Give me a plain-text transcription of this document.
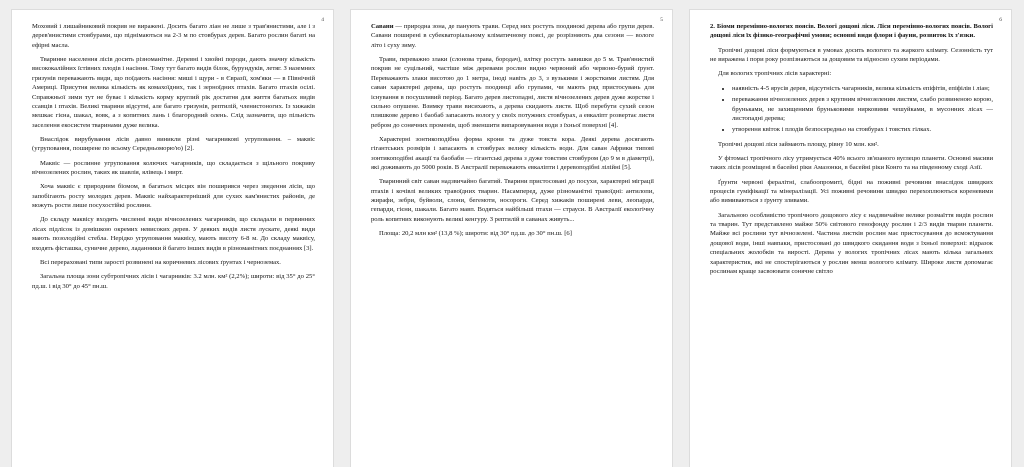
4

Моховий і лишайниковий покрив не виражені. Досить багато ліан не лише з трав'янистими, але і з дерев'янистими стовбурами, що піднімаються на 2-3 м по стовбурах дерев. Багато рослин багаті на ефірні масла.

Тваринне населення лісів досить різноманітне. Деревні і хвойні породи, дають значну кількість висококалійних їстівних плодів і насіння. Тому тут багато видів білок, бурундуків, летяг. З наземних гризунів переважають види, що поїдають насіння: миші і щури - в Євразії, хом'яки — в Північній Америці. Присутня велика кількість як комахоїдних, так і зерноїдних птахів. Багато птахів осілі. Справжньої зими тут не буває і кількість корму круглий рік достатня для життя багатьох видів ссавців і птахів. Великі тварини відсутні, але багато гризунів, рептилій, членистоногих. Із хижаків мешкає гієна, шакал, вовк, а з копитних лань і благородний олень. Слід зазначити, що пільність заселення екосистем тваринами дуже велика.

Внаслідок вирубування лісів давно виникли різні чагарникові угруповання. – маквіс (угруповання, поширене по всьому Середньоморю'ю) [2].

Маквіс — рослинне угруповання колючих чагарників, що складається з щільного покриву вічнозелених рослин, таких як шавлія, ялівець і мирт.

Хоча маквіс є природним біомом, в багатьох місцях він поширився через зведення лісів, що запобігають росту молодих дерев. Маквіс найхарактерніший для сухих кам'янистих районів, де можуть рости лише посухостійкі рослини.

До складу маквісу входять численні види вічнозелених чагарників, що складали в первинних лісах підлісок із домішкою окремих невисоких дерев. У деяких видів листя лускате, деякі види мають позолодійні стебла. Нерідко угруповання маквісу, мають висоту 6-8 м. До складу маквісу, входять фісташка, суничне дерево, ладанники й багато інших видів в різноманітних поєднаннях [3].

Всі перераховані типи зарості розвинені на коричневих лісових ґрунтах і черноземах.

Загальна площа зони субтропічних лісів і чагарників: 3.2 млн. км² (2,2%); широти: від 35° до 25° пд.ш. і від 30° до 45° пн.ш.

5

Савани — природна зона, де панують трави. Серед них ростуть поодинокі дерева або групи дерев. Савани поширені в субекваторіальному кліматичному поясі, де розрізняють два сезони — вологе літо і суху зиму.

Трави, переважно злаки (слонова трава, бородач), влітку ростуть завишки до 5 м. Трав'янистий покрив не суцільний, частіше між деревами рослин видно червоний або червоно-бурий ґрунт. Переважають злаки висотою до 1 метра, іноді навіть до 3, з вузькими і жорсткими листям. Для саван характерні дерева, що ростуть поодинці або групами, чи мають ряд пристосувань для існування в посушливий період. Багато дерев листопадні, листя вічнозелених дерев дуже жорстке і сильно опушене. Взимку трави висихають, а дерева скидають листя. Щоб перебути сухий сезон пляшкове дерево і баобаб запасають вологу у своїх потужних стовбурах, а евкаліпт розвертає листя ребром до сонячних променів, щоб зменшити випаровування води з їхньої поверхні [4].

Характерні зонтикоподібна форма крони та дуже товста кора. Деякі дерева досягають гігантських розмірів і запасають в стовбурах велику кількість води. Для саван Африки типові зонтикоподібні акації та баобаби — гігантські дерева з дуже товстим стовбуром (до 9 м в діаметрі), які доживають до 5000 років. В Австралії переважають евкаліпти і деревоподібні лілійні [5].

Тваринний світ саван надзвичайно багатий. Тварини пристосовані до посухи, характерні міграції птахів і кочівлі великих травоїдних тварин. Насамперед, дуже різноманітні травоїдні: антилопи, жирафи, зебри, буйволи, слони, бегемоти, носороги. Серед хижаків поширені леви, леопарди, гепарди, гієни, шакали. Багато мавп. Водяться найбільші птахи — страуси. В Австралії екологічну роль копитних виконують великі кенгуру. З рептилій в саванах живуть...

Площа: 20,2 млн км² (13,8 %); широти: від 30° пд.ш. до 30° пн.ш. [6]

6

2. Біоми перемінно-вологих поясів. Вологі дощові ліси. Ліси перемінно-вологих поясів. Вологі дощові ліси їх фізико-географічні умови; основні види флори і фауни, розвиток їх з'язки.

Тропічні дощові ліси формуються в умовах досить вологого та жаркого клімату. Сезонність тут не виражена і пори року розпізнаються за дощовим та відносно сухим періодами.

Для вологих тропічних лісів характерні:

• наявність 4-5 ярусів дерев, відсутність чагарників, велика кількість епіфітів, епіфілів і ліан;
• переважання вічнозелених дерев з крупним вічнозеленим листям, слабо розвиненою корою, бруньками, не захищеними бруньковими нирковими чешуйками, в мусонних лісах — листопадні дерева;
• утворення квіток і плодів безпосередньо на стовбурах і товстих гілках.

Тропічні дощові ліси займають площу, рівну 10 млн. км².

У фітомасі тропічного лісу утримується 40% всього зв'язаного вуглецю планети. Основні масиви таких лісів розміщені в басейні ріки Амазонки, в басейні ріки Конго та на південному сході Азії.

Ґрунти червоні фералітні, слабоопромиті, бідні на поживні речовини внаслідок швидких процесів гуміфікації та мінералізації. Усі поживні речовини швидко перехоплюються кореневими або вимиваються з ґрунту зливами.

Загальною особливістю тропічного дощового лісу є надзвичайне велике розмаїття видів рослин та тварин. Тут представлено майже 50% світового генофонду рослин і 2/3 видів тварин планети. Майже всі рослини тут вічнозелені. Частина листків рослин має пристосування до всмоктування дощової води, інші навпаки, пристосовані до швидкого скидання води з їхньої поверхні: відразок спеціальних жолобків та вирості. Дерева у вологих тропічних лісах мають кілька загальних характеристик, які не спостерігаються у рослин менш вологого клімату. Широке листя допомагає рослинам краще засвоювати сонячне світло
